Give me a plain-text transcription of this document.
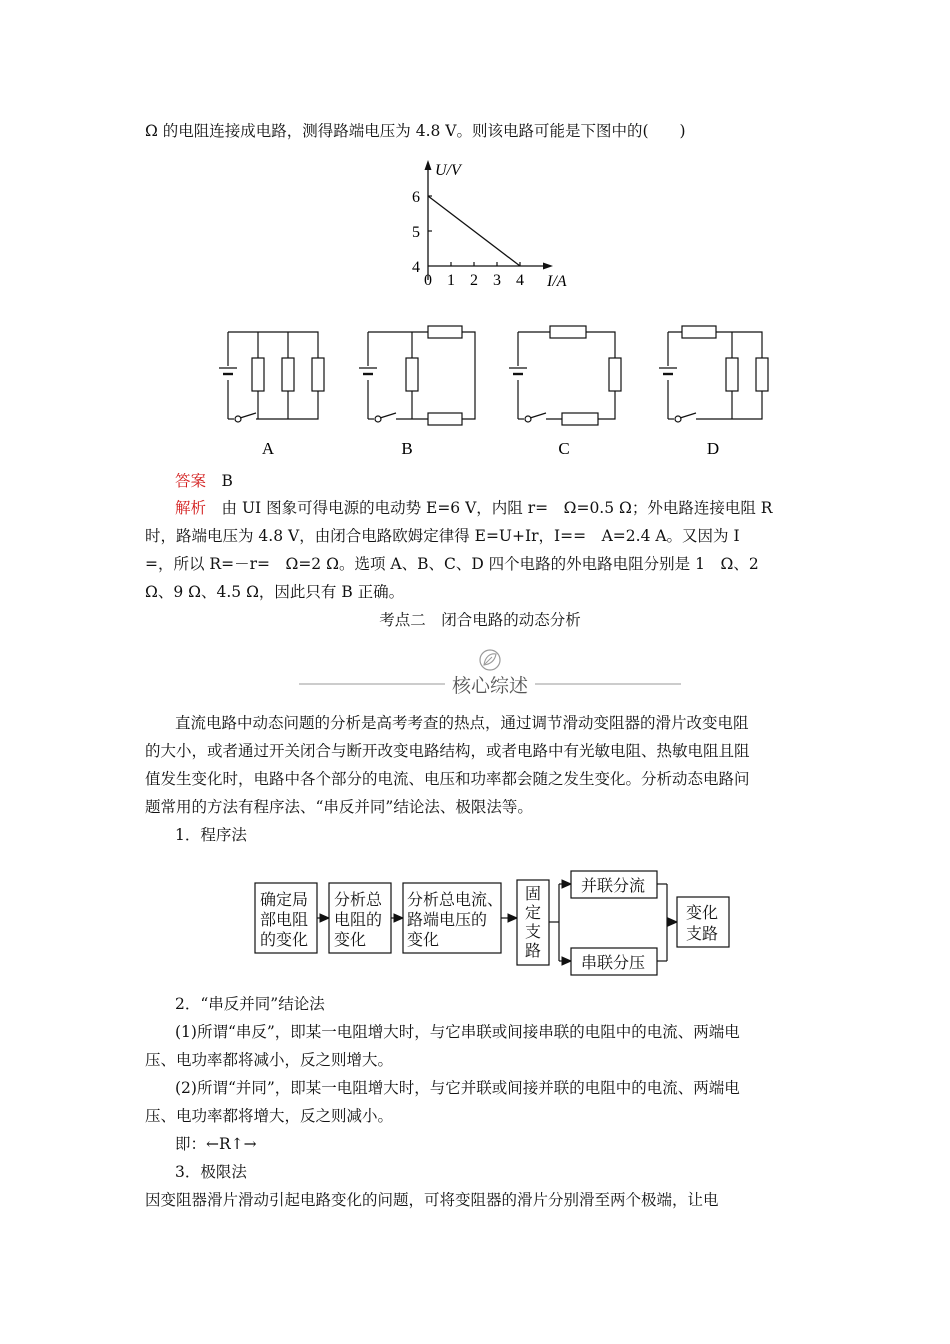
Ω 的电阻连接成电路，测得路端电压为 4.8 V。则该电路可能是下图中的(　　)
U/V
I/A
6
5
4
0 1 2 3 4
A	B	C	D
答案　 B
解析　 由 UI 图象可得电源的电动势 E=6 V，内阻 r=　Ω=0.5 Ω；外电路连接电阻 R
时，路端电压为 4.8 V，由闭合电路欧姆定律得 E=U+Ir，I==　A=2.4 A。又因为 I
=，所以 R=－r=　Ω=2 Ω。选项 A、B、C、D 四个电路的外电路电阻分别是 1　Ω、2
Ω、9 Ω、4.5 Ω，因此只有 B 正确。
考点二　闭合电路的动态分析
核心综述
直流电路中动态问题的分析是高考考查的热点，通过调节滑动变阻器的滑片改变电阻
的大小，或者通过开关闭合与断开改变电路结构，或者电路中有光敏电阻、热敏电阻且阻
值发生变化时，电路中各个部分的电流、电压和功率都会随之发生变化。分析动态电路问
题常用的方法有程序法、“串反并同”结论法、极限法等。
1．程序法
确定局
部电阻
的变化
分析总
电阻的
变化
分析总电流、
路端电压的
变化
固
定
支
路
并联分流
串联分压
变化
支路
2．“串反并同”结论法
(1)所谓“串反”，即某一电阻增大时，与它串联或间接串联的电阻中的电流、两端电
压、电功率都将减小，反之则增大。
(2)所谓“并同”，即某一电阻增大时，与它并联或间接并联的电阻中的电流、两端电
压、电功率都将增大，反之则减小。
即：←R↑→
3．极限法
因变阻器滑片滑动引起电路变化的问题，可将变阻器的滑片分别滑至两个极端，让电
